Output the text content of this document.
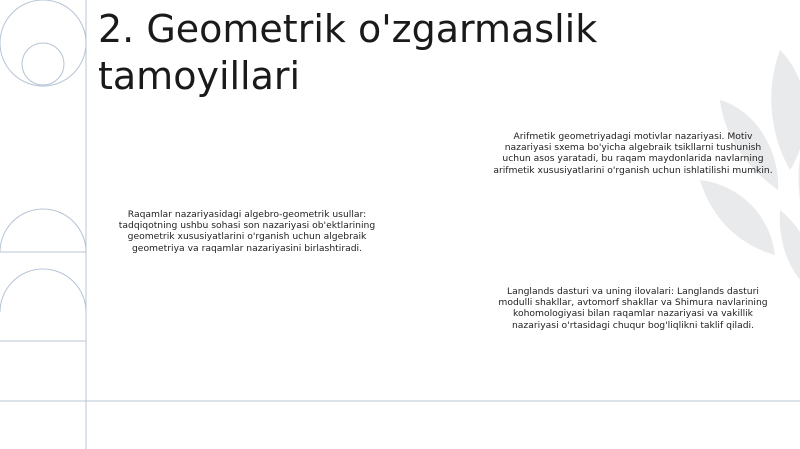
2. Geometrik o'zgarmaslik tamoyillari

Arifmetik geometriyadagi motivlar nazariyasi. Motiv nazariyasi sxema bo'yicha algebraik tsikllarni tushunish uchun asos yaratadi, bu raqam maydonlarida navlarning arifmetik xususiyatlarini o'rganish uchun ishlatilishi mumkin.

Raqamlar nazariyasidagi algebro-geometrik usullar: tadqiqotning ushbu sohasi son nazariyasi ob'ektlarining geometrik xususiyatlarini o'rganish uchun algebraik geometriya va raqamlar nazariyasini birlashtiradi.

Langlands dasturi va uning ilovalari: Langlands dasturi modulli shakllar, avtomorf shakllar va Shimura navlarining kohomologiyasi bilan raqamlar nazariyasi va vakillik nazariyasi o'rtasidagi chuqur bog'liqlikni taklif qiladi.
